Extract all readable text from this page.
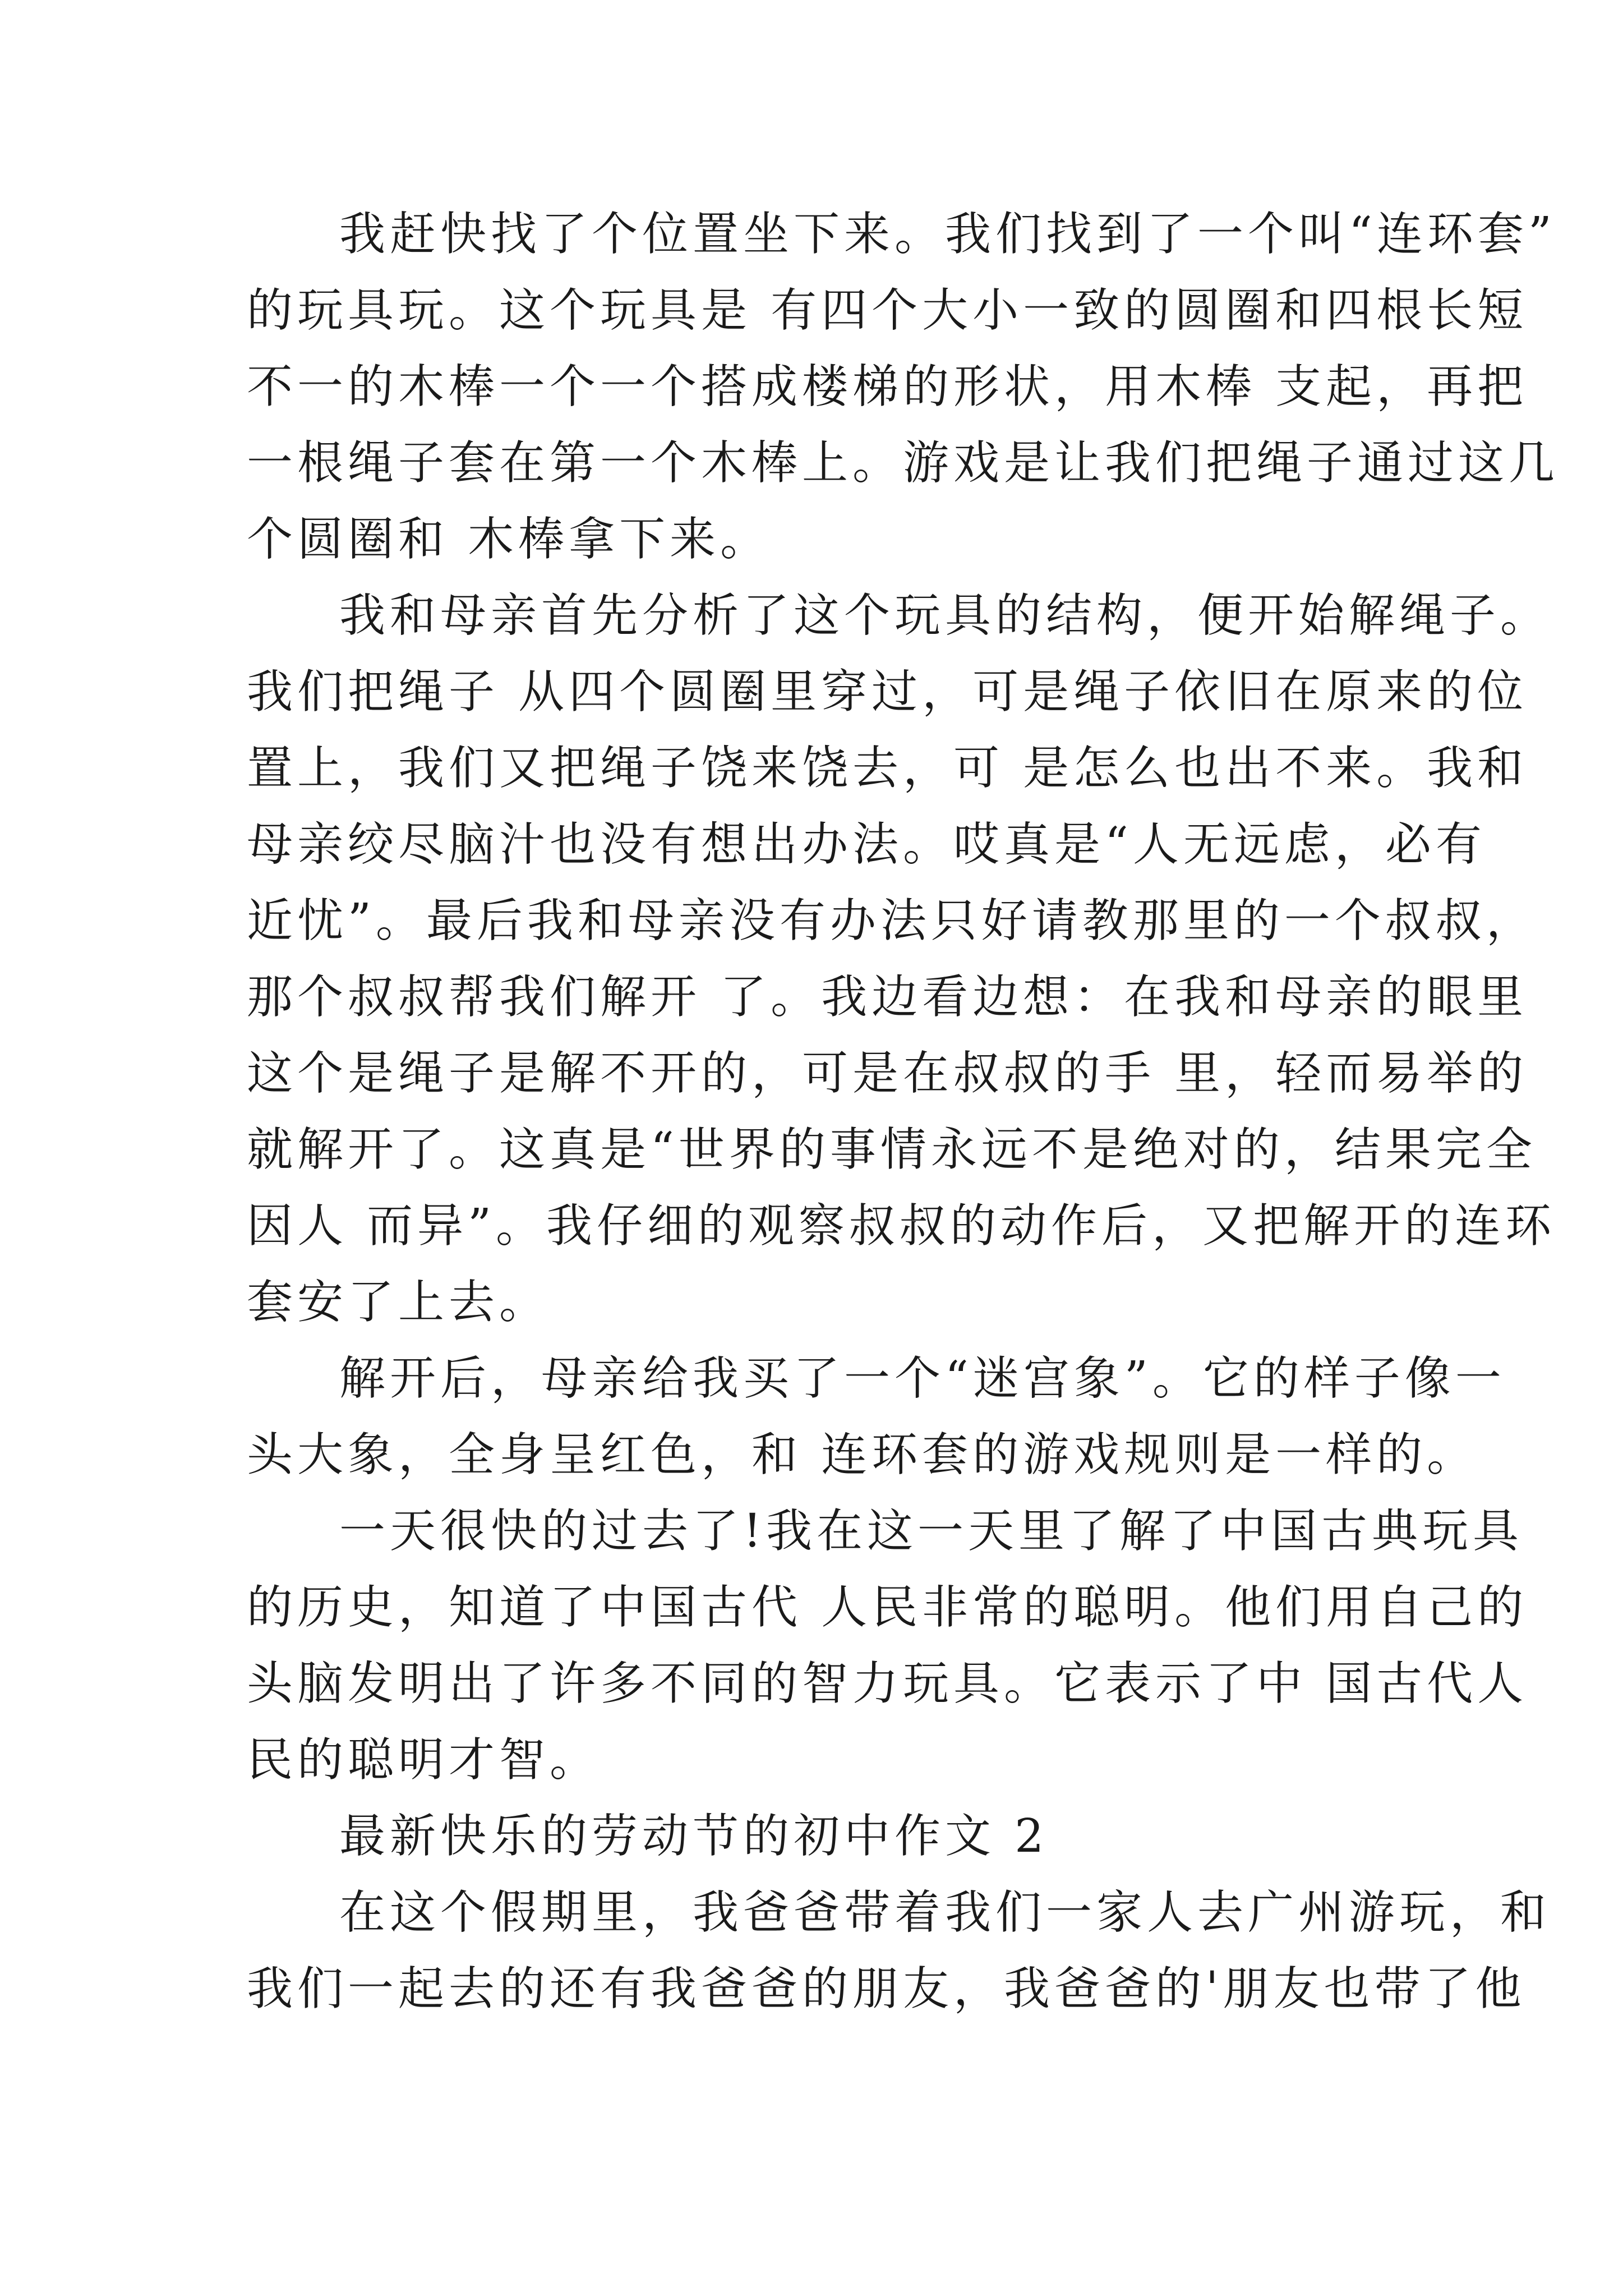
我赶快找了个位置坐下来。我们找到了一个叫“连环套”
的玩具玩。这个玩具是 有四个大小一致的圆圈和四根长短
不一的木棒一个一个搭成楼梯的形状，用木棒 支起，再把
一根绳子套在第一个木棒上。游戏是让我们把绳子通过这几
个圆圈和 木棒拿下来。
我和母亲首先分析了这个玩具的结构，便开始解绳子。
我们把绳子 从四个圆圈里穿过，可是绳子依旧在原来的位
置上，我们又把绳子饶来饶去，可 是怎么也出不来。我和
母亲绞尽脑汁也没有想出办法。哎真是“人无远虑，必有
近忧”。最后我和母亲没有办法只好请教那里的一个叔叔，
那个叔叔帮我们解开 了。我边看边想：在我和母亲的眼里
这个是绳子是解不开的，可是在叔叔的手 里，轻而易举的
就解开了。这真是“世界的事情永远不是绝对的，结果完全
因人 而异”。我仔细的观察叔叔的动作后，又把解开的连环
套安了上去。
解开后，母亲给我买了一个“迷宫象”。它的样子像一
头大象，全身呈红色，和 连环套的游戏规则是一样的。
一天很快的过去了!我在这一天里了解了中国古典玩具
的历史，知道了中国古代 人民非常的聪明。他们用自己的
头脑发明出了许多不同的智力玩具。它表示了中 国古代人
民的聪明才智。
最新快乐的劳动节的初中作文 2
在这个假期里，我爸爸带着我们一家人去广州游玩，和
我们一起去的还有我爸爸的朋友，我爸爸的'朋友也带了他
